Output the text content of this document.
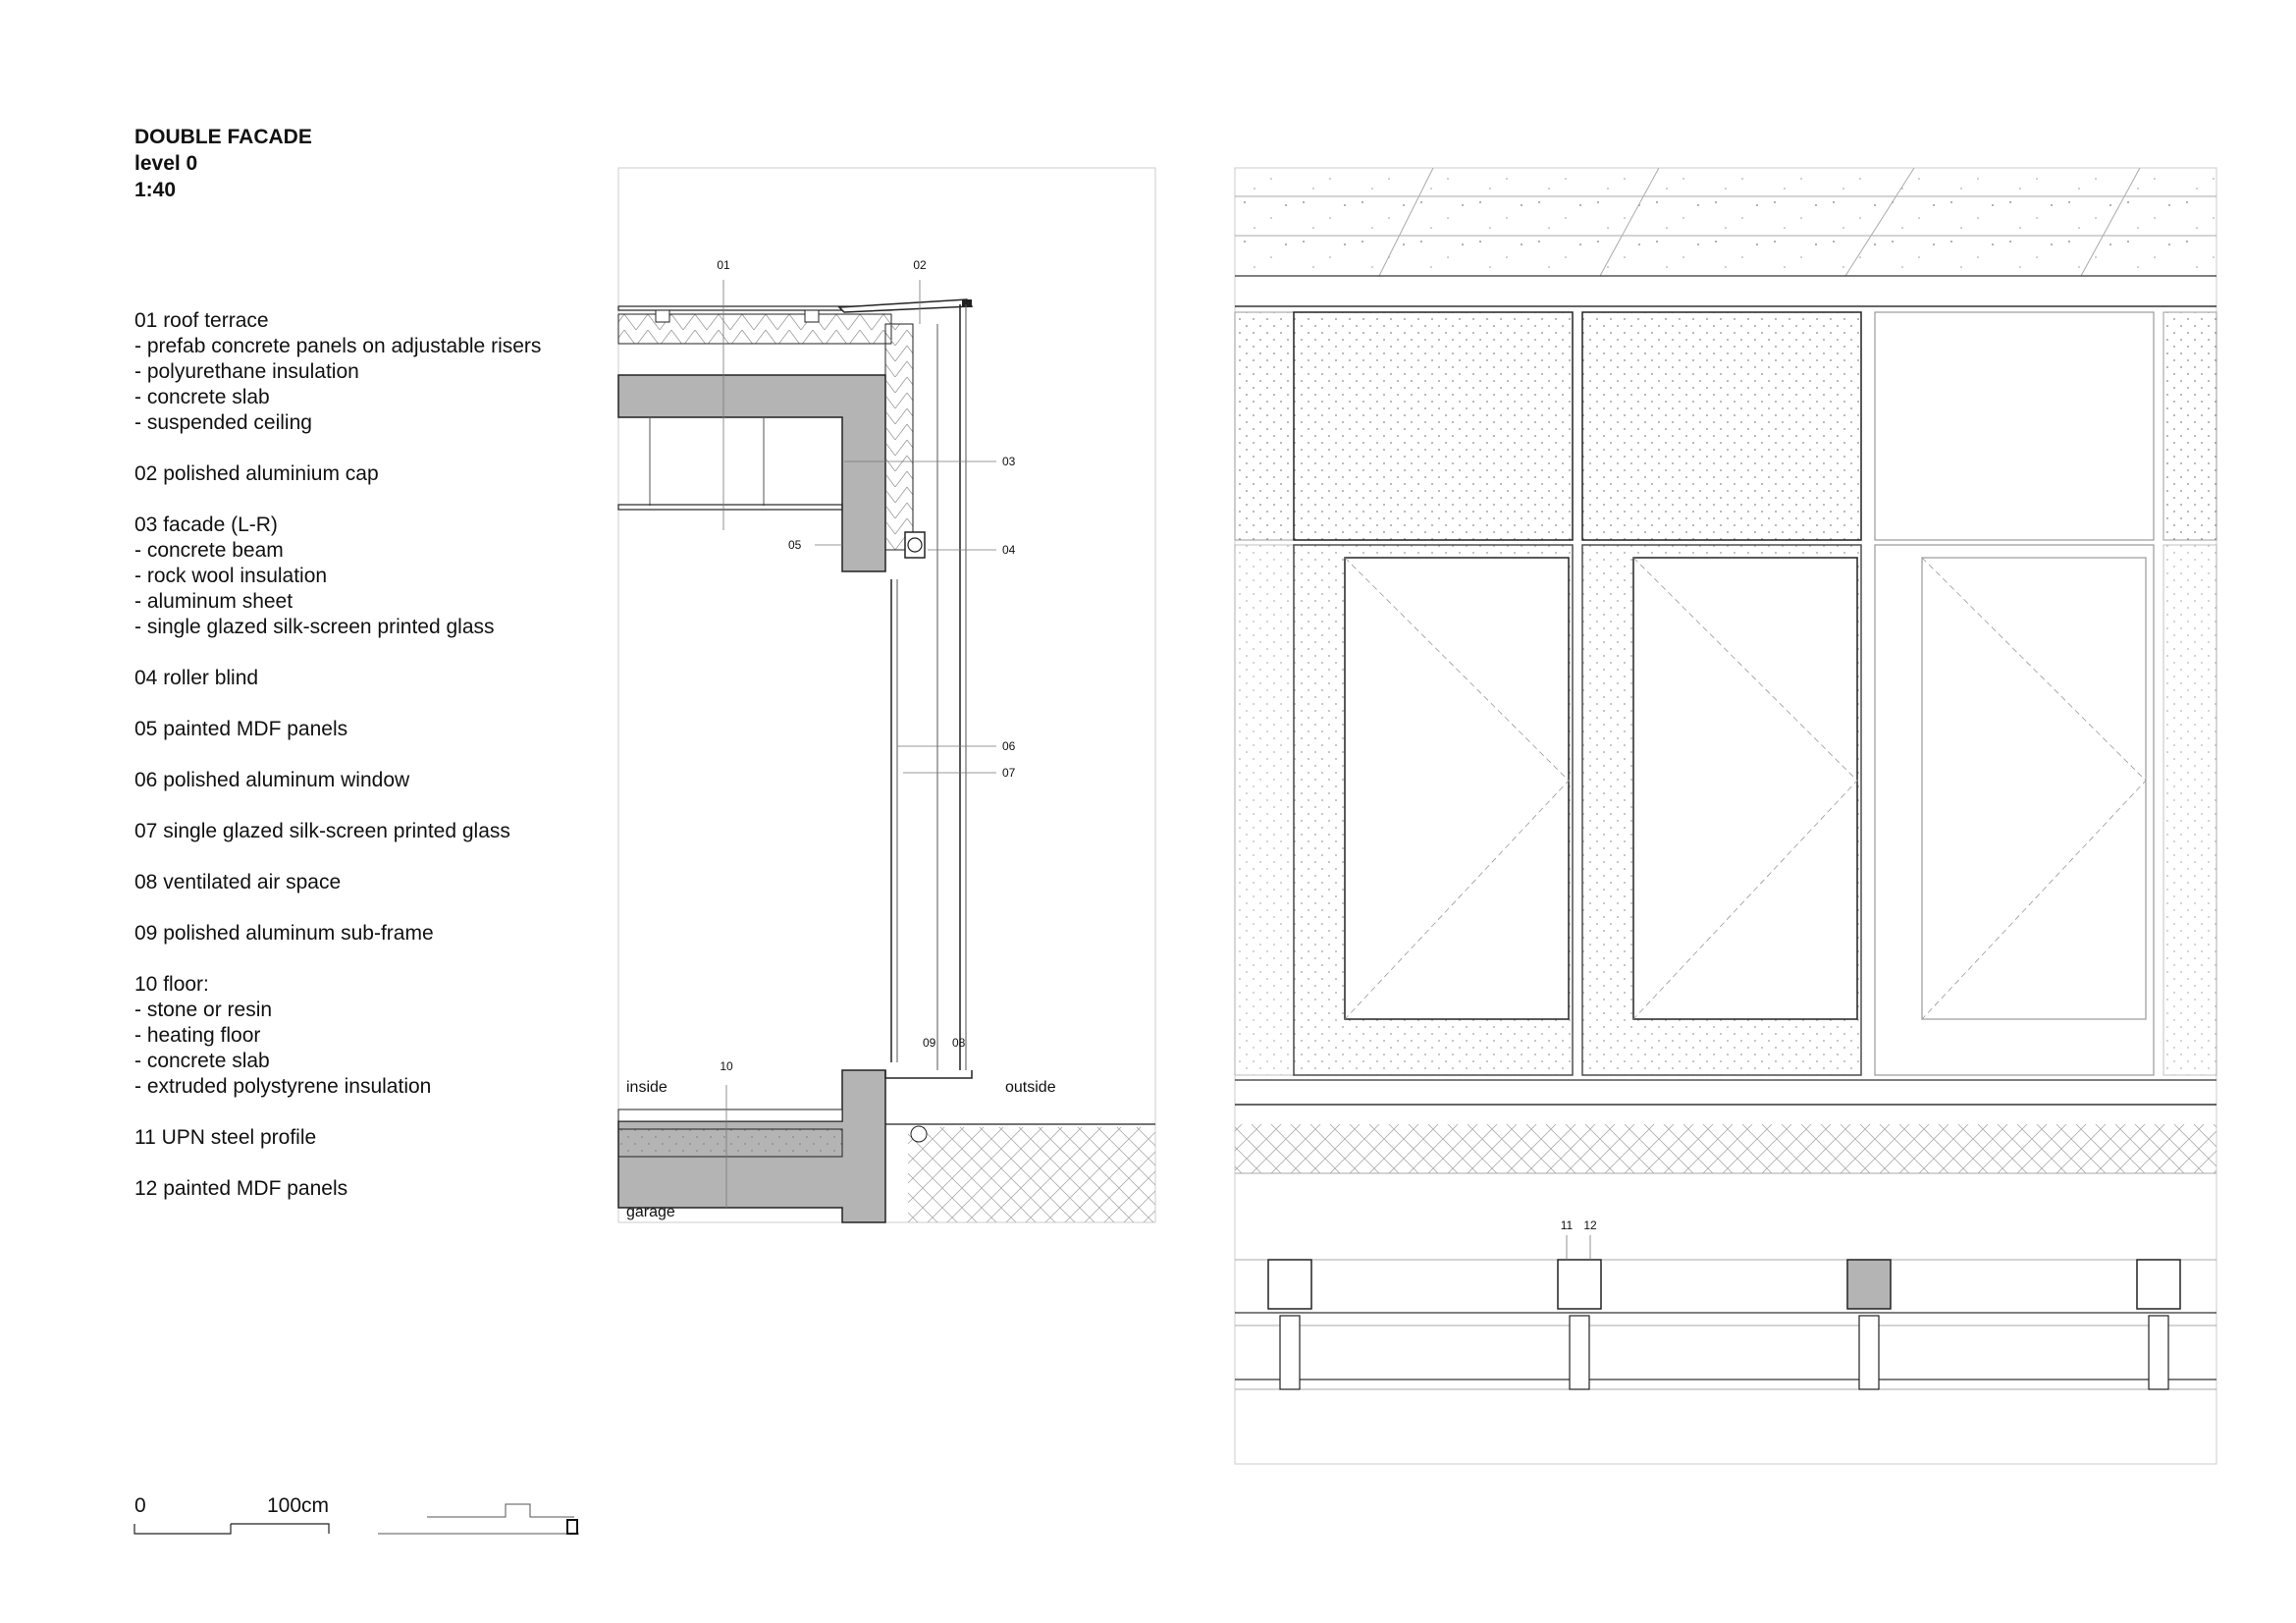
DOUBLE FACADE
level 0
1:40
01 roof terrace
- prefab concrete panels on adjustable risers
- polyurethane insulation
- concrete slab
- suspended ceiling
02 polished aluminium cap
03 facade (L-R)
- concrete beam
- rock wool insulation
- aluminum sheet
- single glazed silk-screen printed glass
04 roller blind
05 painted MDF panels
06 polished aluminum window
07 single glazed silk-screen printed glass
08 ventilated air space
09 polished aluminum sub-frame
10 floor:
- stone or resin
- heating floor
- concrete slab
- extruded polystyrene insulation
11 UPN steel profile
12 painted MDF panels
01	02
03
04
05
06
07
08
09
10
inside	outside
garage
11 12
0	100cm
